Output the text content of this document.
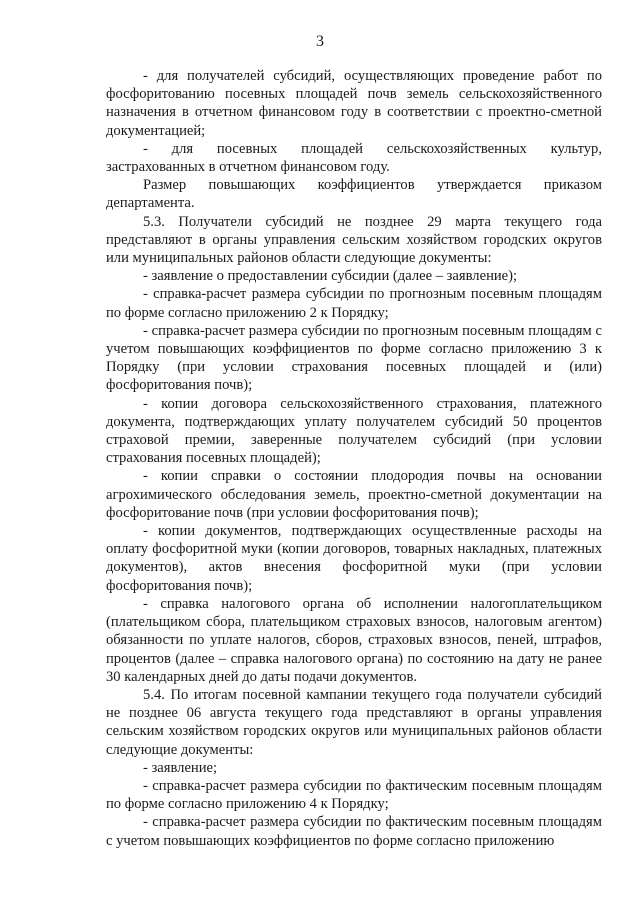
3

- для получателей субсидий, осуществляющих проведение работ по фосфоритованию посевных площадей почв земель сельскохозяйственного назначения в отчетном финансовом году в соответствии с проектно-сметной документацией;

- для посевных площадей сельскохозяйственных культур, застрахованных в отчетном финансовом году.

Размер повышающих коэффициентов утверждается приказом департамента.

5.3. Получатели субсидий не позднее 29 марта текущего года представляют в органы управления сельским хозяйством городских округов или муниципальных районов области следующие документы:

- заявление о предоставлении субсидии (далее – заявление);

- справка-расчет размера субсидии по прогнозным посевным площадям по форме согласно приложению 2 к Порядку;

- справка-расчет размера субсидии по прогнозным посевным площадям с учетом повышающих коэффициентов по форме согласно приложению 3 к Порядку (при условии страхования посевных площадей и (или) фосфоритования почв);

- копии договора сельскохозяйственного страхования, платежного документа, подтверждающих уплату получателем субсидий 50 процентов страховой премии, заверенные получателем субсидий (при условии страхования посевных площадей);

- копии справки о состоянии плодородия почвы на основании агрохимического обследования земель, проектно-сметной документации на фосфоритование почв (при условии фосфоритования почв);

- копии документов, подтверждающих осуществленные расходы на оплату фосфоритной муки (копии договоров, товарных накладных, платежных документов), актов внесения фосфоритной муки (при условии фосфоритования почв);

- справка налогового органа об исполнении налогоплательщиком (плательщиком сбора, плательщиком страховых взносов, налоговым агентом) обязанности по уплате налогов, сборов, страховых взносов, пеней, штрафов, процентов (далее – справка налогового органа) по состоянию на дату не ранее 30 календарных дней до даты подачи документов.

5.4. По итогам посевной кампании текущего года получатели субсидий не позднее 06 августа текущего года представляют в органы управления сельским хозяйством городских округов или муниципальных районов области следующие документы:

- заявление;

- справка-расчет размера субсидии по фактическим посевным площадям по форме согласно приложению 4 к Порядку;

- справка-расчет размера субсидии по фактическим посевным площадям с учетом повышающих коэффициентов по форме согласно приложению
